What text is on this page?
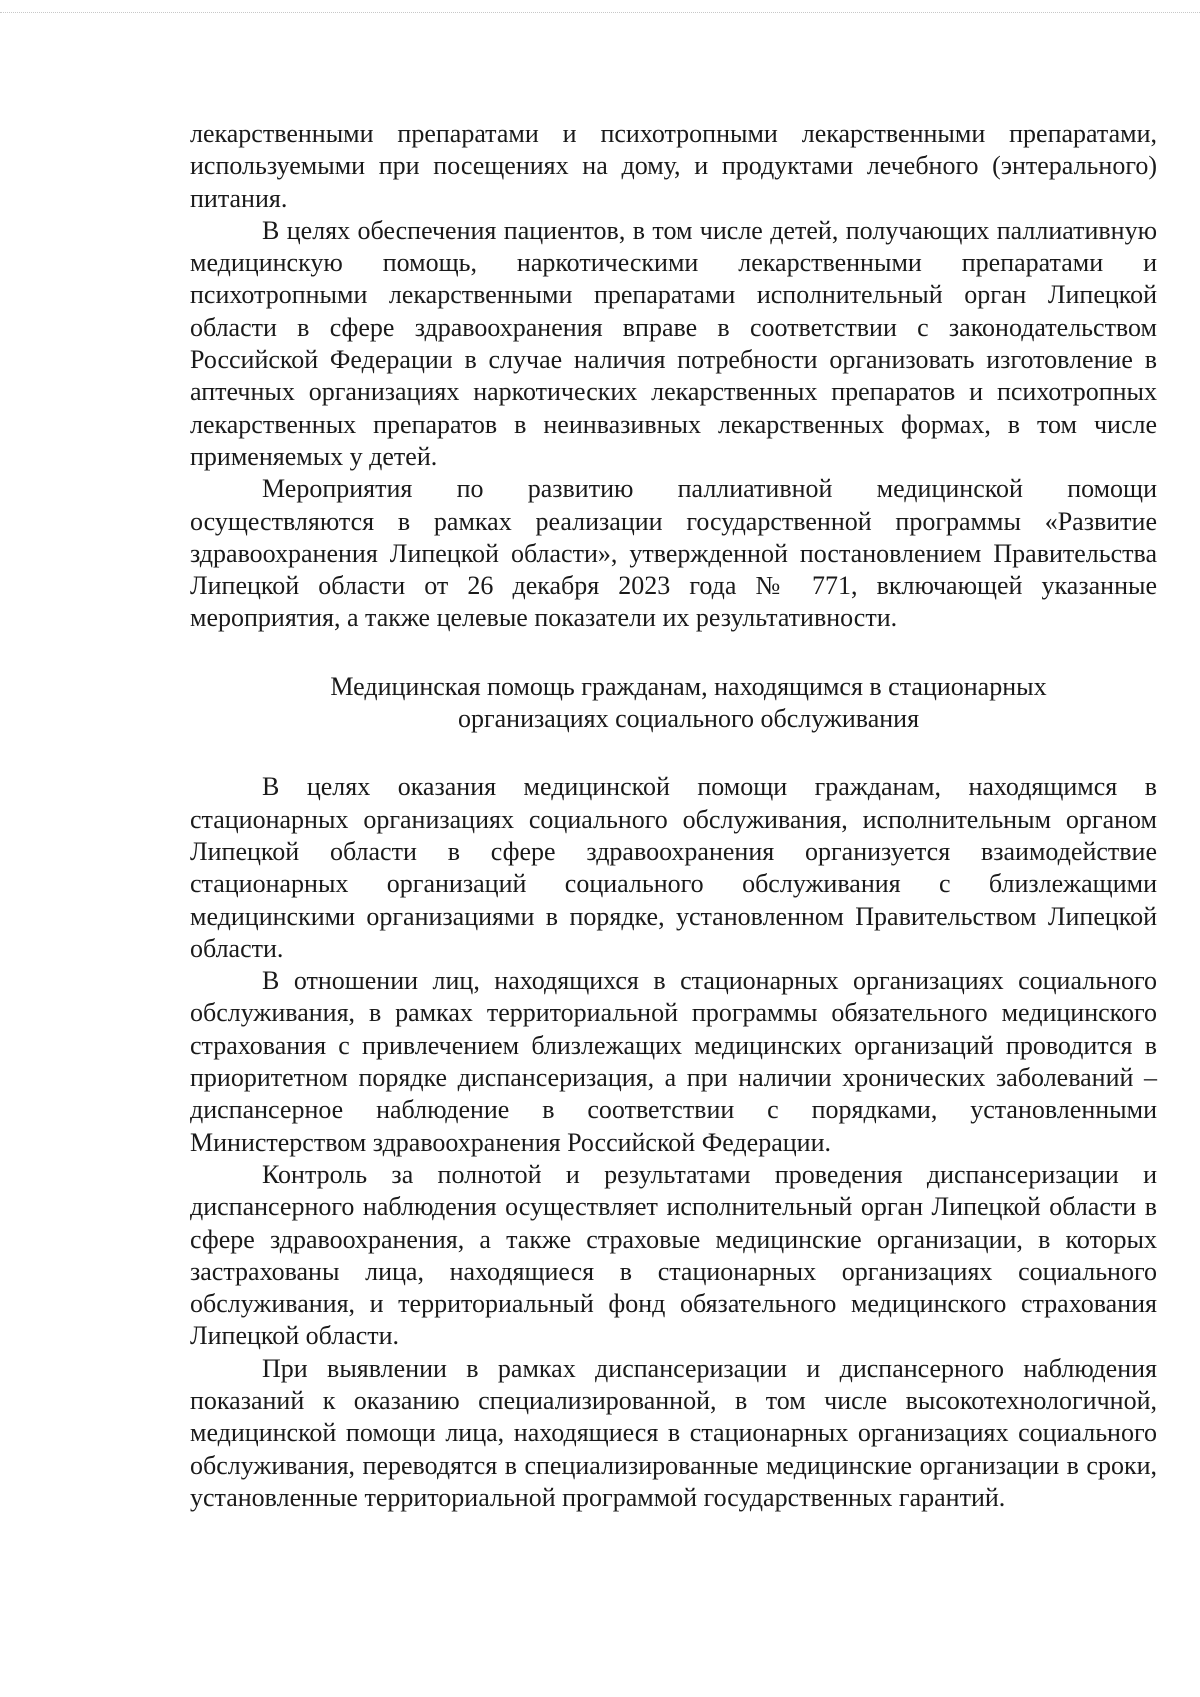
лекарственными препаратами и психотропными лекарственными препаратами, используемыми при посещениях на дому, и продуктами лечебного (энтерального) питания.

В целях обеспечения пациентов, в том числе детей, получающих паллиативную медицинскую помощь, наркотическими лекарственными препаратами и психотропными лекарственными препаратами исполнительный орган Липецкой области в сфере здравоохранения вправе в соответствии с законодательством Российской Федерации в случае наличия потребности организовать изготовление в аптечных организациях наркотических лекарственных препаратов и психотропных лекарственных препаратов в неинвазивных лекарственных формах, в том числе применяемых у детей.

Мероприятия по развитию паллиативной медицинской помощи осуществляются в рамках реализации государственной программы «Развитие здравоохранения Липецкой области», утвержденной постановлением Правительства Липецкой области от 26 декабря 2023 года № 771, включающей указанные мероприятия, а также целевые показатели их результативности.

Медицинская помощь гражданам, находящимся в стационарных
организациях социального обслуживания

В целях оказания медицинской помощи гражданам, находящимся в стационарных организациях социального обслуживания, исполнительным органом Липецкой области в сфере здравоохранения организуется взаимодействие стационарных организаций социального обслуживания с близлежащими медицинскими организациями в порядке, установленном Правительством Липецкой области.

В отношении лиц, находящихся в стационарных организациях социального обслуживания, в рамках территориальной программы обязательного медицинского страхования с привлечением близлежащих медицинских организаций проводится в приоритетном порядке диспансеризация, а при наличии хронических заболеваний – диспансерное наблюдение в соответствии с порядками, установленными Министерством здравоохранения Российской Федерации.

Контроль за полнотой и результатами проведения диспансеризации и диспансерного наблюдения осуществляет исполнительный орган Липецкой области в сфере здравоохранения, а также страховые медицинские организации, в которых застрахованы лица, находящиеся в стационарных организациях социального обслуживания, и территориальный фонд обязательного медицинского страхования Липецкой области.

При выявлении в рамках диспансеризации и диспансерного наблюдения показаний к оказанию специализированной, в том числе высокотехнологичной, медицинской помощи лица, находящиеся в стационарных организациях социального обслуживания, переводятся в специализированные медицинские организации в сроки, установленные территориальной программой государственных гарантий.
